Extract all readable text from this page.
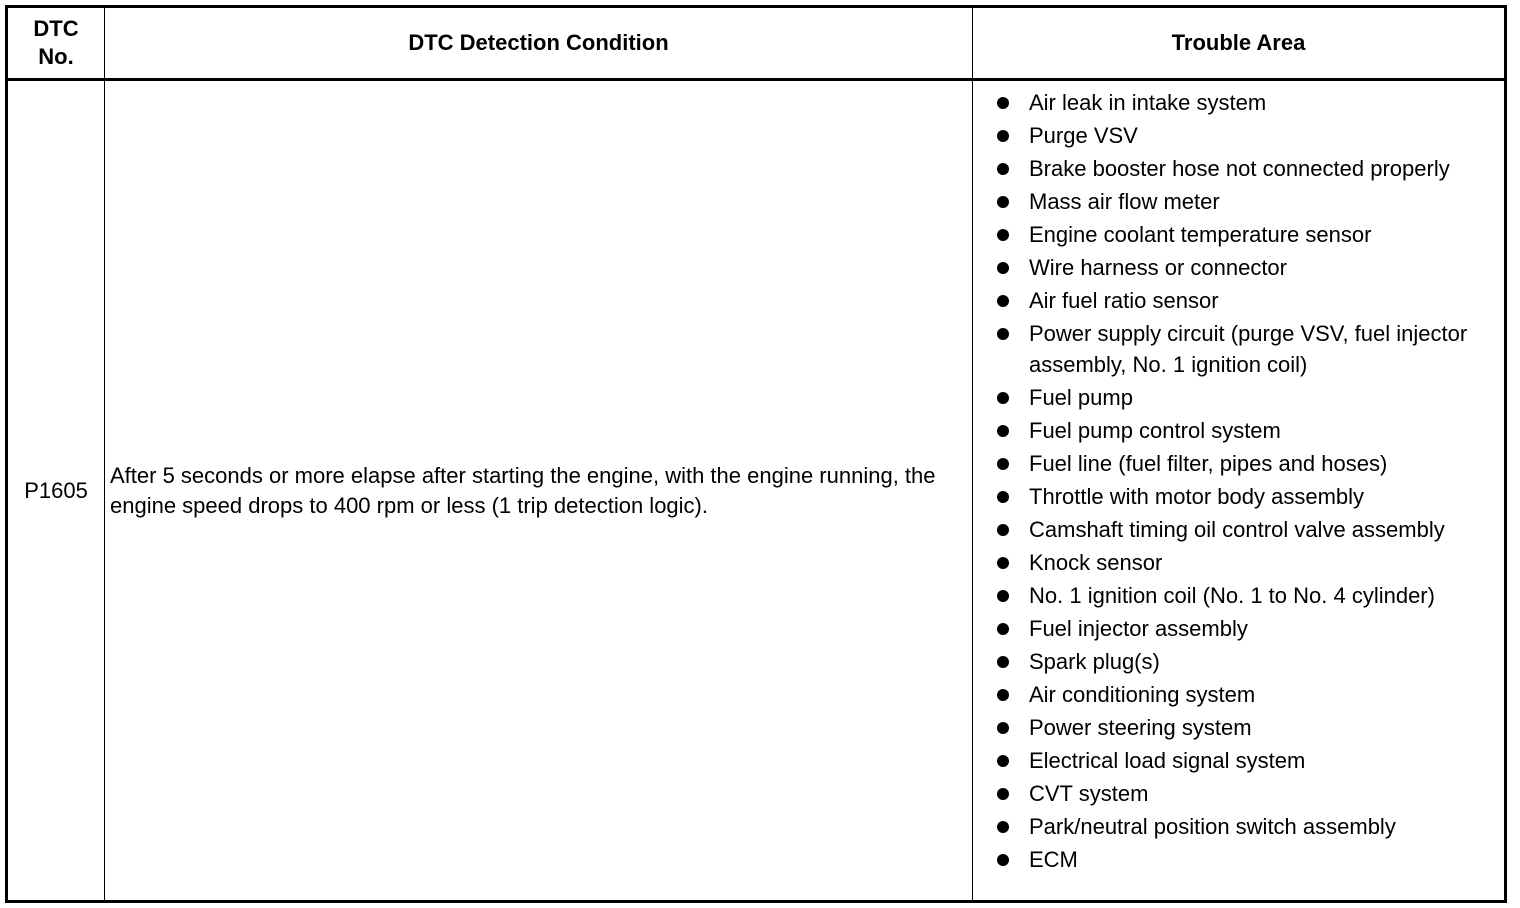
DTC
No.
DTC Detection Condition	Trouble Area
P1605
After 5 seconds or more elapse after starting the engine, with the engine running, the engine speed drops to 400 rpm or less (1 trip detection logic).
Air leak in intake system
Purge VSV
Brake booster hose not connected properly
Mass air flow meter
Engine coolant temperature sensor
Wire harness or connector
Air fuel ratio sensor
Power supply circuit (purge VSV, fuel injector assembly, No. 1 ignition coil)
Fuel pump
Fuel pump control system
Fuel line (fuel filter, pipes and hoses)
Throttle with motor body assembly
Camshaft timing oil control valve assembly
Knock sensor
No. 1 ignition coil (No. 1 to No. 4 cylinder)
Fuel injector assembly
Spark plug(s)
Air conditioning system
Power steering system
Electrical load signal system
CVT system
Park/neutral position switch assembly
ECM
